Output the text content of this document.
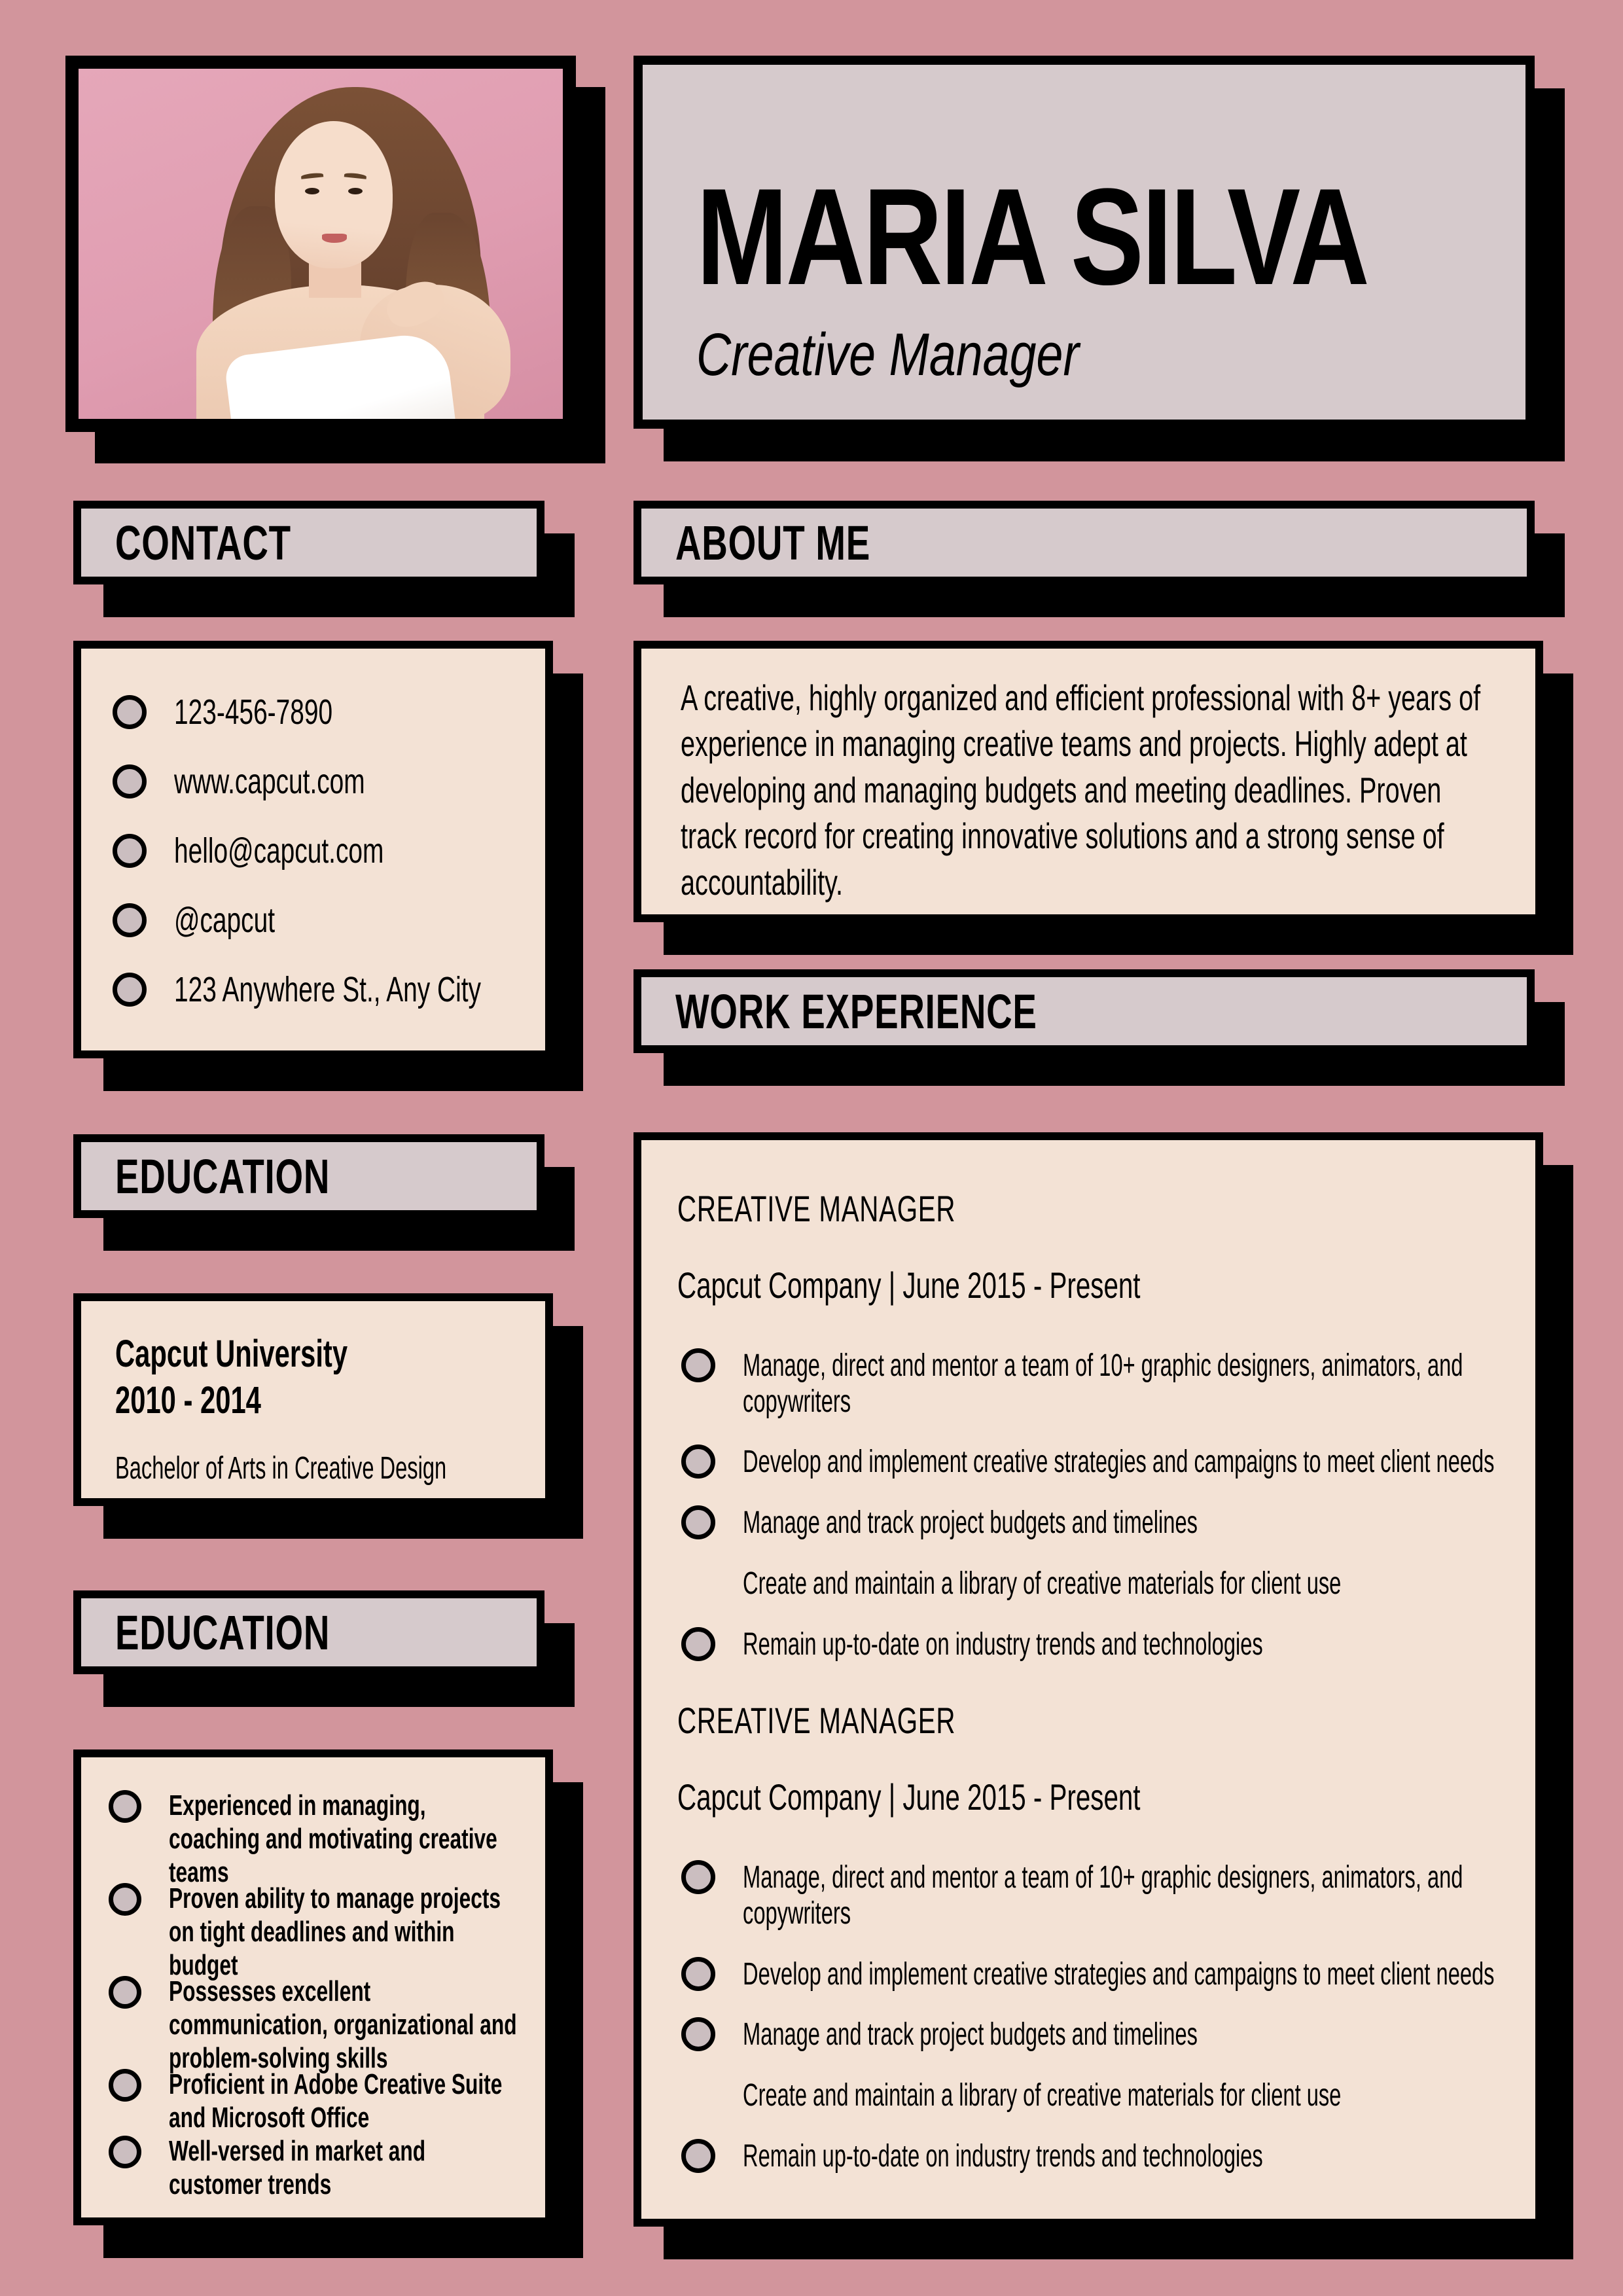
MARIA SILVA
Creative Manager
CONTACT	ABOUT ME
EDUCATION
EDUCATION
WORK EXPERIENCE
123-456-7890
www.capcut.com
hello@capcut.com
@capcut
123 Anywhere St., Any City
A creative, highly organized and efficient professional with 8+ years of experience in managing creative teams and projects. Highly adept at developing and managing budgets and meeting deadlines. Proven track record for creating innovative solutions and a strong sense of accountability.
Capcut University
2010 - 2014
Bachelor of Arts in Creative Design
Experienced in managing, coaching and motivating creative teams
Proven ability to manage projects on tight deadlines and within budget
Possesses excellent communication, organizational and problem-solving skills
Proficient in Adobe Creative Suite and Microsoft Office
Well-versed in market and customer trends
CREATIVE MANAGER
Capcut Company | June 2015 - Present
Manage, direct and mentor a team of 10+ graphic designers, animators, and copywriters
Develop and implement creative strategies and campaigns to meet client needs
Manage and track project budgets and timelines
Create and maintain a library of creative materials for client use
Remain up-to-date on industry trends and technologies
CREATIVE MANAGER
Capcut Company | June 2015 - Present
Manage, direct and mentor a team of 10+ graphic designers, animators, and copywriters
Develop and implement creative strategies and campaigns to meet client needs
Manage and track project budgets and timelines
Create and maintain a library of creative materials for client use
Remain up-to-date on industry trends and technologies
